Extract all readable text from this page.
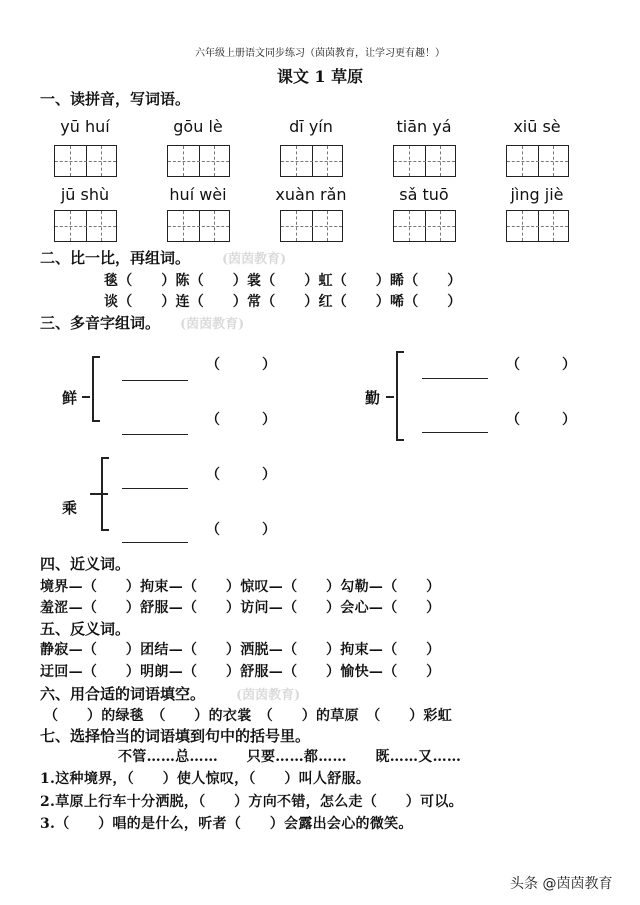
六年级上册语文同步练习（茵茵教育，让学习更有趣！）
课文 1 草原
一、读拼音，写词语。
yū huí	gōu lè	dī yín	tiān yá	xiū sè
jū shù	huí wèi	xuàn rǎn	sǎ tuō	jìng jiè
二、比一比，再组词。 (茵茵教育)
毯（　　）陈（　　）裳（　　）虹（　　）睎（　　）
谈（　　）连（　　）常（　　）红（　　）唏（　　）
三、多音字组词。 (茵茵教育)
鲜
（　　　）
（　　　）
勤
（　　　）
（　　　）
乘
（　　　）
（　　　）
四、近义词。
境界—（　　）拘束—（　　）惊叹—（　　）勾勒—（　　）
羞涩—（　　）舒服—（　　）访问—（　　）会心—（　　）
五、反义词。
静寂—（　　）团结—（　　）洒脱—（　　）拘束—（　　）
迂回—（　　）明朗—（　　）舒服—（　　）愉快—（　　）
六、用合适的词语填空。 (茵茵教育)
（　　）的绿毯　（　　）的衣裳　（　　）的草原　（　　）彩虹
七、选择恰当的词语填到句中的括号里。
不管……总……　　只要……都……　　既……又……
1.这种境界，（　　）使人惊叹，（　　）叫人舒服。
2.草原上行车十分洒脱，（　　）方向不错，怎么走（　　）可以。
3.（　　）唱的是什么，听者（　　）会露出会心的微笑。
头条 @茵茵教育
